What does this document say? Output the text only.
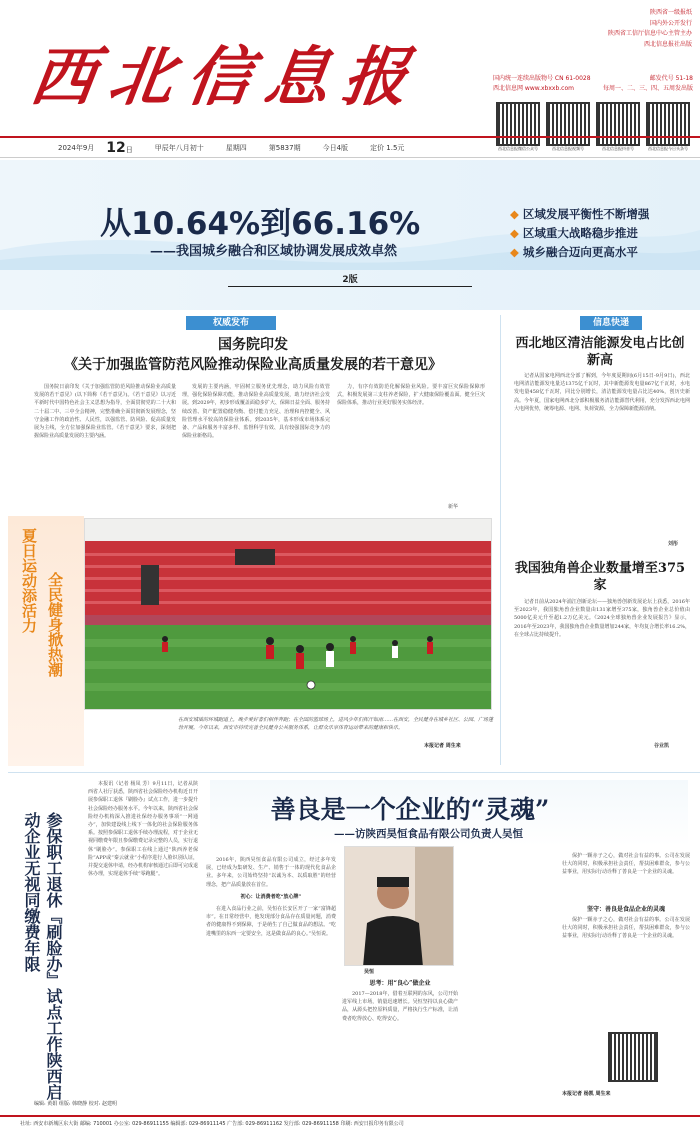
西北信息报
陕西省一级报纸
国内外公开发行
陕西省工信厅信息中心主管主办
西北信息报社出版
国内统一连续出版物号 CN 61-0028	邮发代号 51-18
西北信息网 www.xbxxb.com	每周一、二、三、四、五周发出版
西北信息报微信公众号	西北信息报视频号	西北信息报抖音号	西北信息报今日头条号
2024年9月 12日	甲辰年八月初十	星期四	第5837期	今日4版	定价 1.5元
从10.64%到66.16%
——我国城乡融合和区域协调发展成效卓然
◆ 区域发展平衡性不断增强
◆ 区域重大战略稳步推进
◆ 城乡融合迈向更高水平
2版
权威发布
国务院印发
《关于加强监管防范风险推动保险业高质量发展的若干意见》

国务院日前印发《关于加强监管防范风险推动保险业高质量发展的若干意见》(以下简称《若干意见》)。《若干意见》以习近平新时代中国特色社会主义思想为指导，全面贯彻党的二十大和二十届二中、三中全会精神，完整准确全面贯彻新发展理念，坚守金融工作的政治性、人民性，以强监管、防风险、促高质量发展为主线，全方位加强保险业监管。《若干意见》要求，深刻把握保险业高质量发展的主要内涵。

发展的主要内涵，牢固树立服务优先理念，助力风险有效管理，强化保险保障功能，推动保险业高质量发展，助力经济社会发展。到2029年，初步形成覆盖面稳步扩大、保障日益全面、服务持续改善、资产配置稳健均衡、偿付能力充足、治理和内控健全、风险管理水平较高的保险业体系。到2035年，基本形成市场体系完备、产品和服务丰富多样、监督科学有效、具有较强国际竞争力的保险业新格局。

力，有序有效防范化解保险业风险。要丰富巨灾保险保障形式，积极发展第三支柱养老保险，扩大健康保险覆盖面。健全巨灾保险体系，推动行业更好服务实体经济。

新华
信息快递
西北地区清洁能源发电占比创新高

记者从国家电网西北分部了解到，今年度夏期间(6月15日-9月9日)，西北电网清洁能源发电量达1375亿千瓦时，其中新能源发电量867亿千瓦时，水电发电量458亿千瓦时，同比分别增长，清洁能源发电量占比达40%，创历史新高。今年夏，国家电网西北分部积极服务清洁能源替代利用，充分发挥西北电网大电网优势，统筹电源、电网、负荷资源，全力保障新能源消纳。

刘彤
我国独角兽企业数量增至375家

记者日前从2024年浦江创新论坛——独角兽创新发展论坛上获悉，2016年至2023年，我国独角兽企业数量由131家增至375家，独角兽企业总价值由5000亿美元升至超1.2万亿美元。《2024全球独角兽企业发展报告》显示，2016年至2023年，我国独角兽企业数量增加244家，年均复合增长率16.2%，在全球占比持续提升。

谷业凯
夏日运动添活力 全民健身掀热潮
在西安城墙的环城跑道上，晚步爱好者们相伴奔跑；在全国的篮球场上，进风少年们挥汗如雨……在西安，全民健身在城乡社区、公园、广场蓬勃开展。今年以来，西安市持续完善全民健身公共服务体系，让群众乐享体育运动带来的健康和快乐。
本报记者 周生来
参保职工退休『刷脸办』试点工作陕西启动企业无视同缴费年限

本报讯（记者 杨凤 芳）9月11日，记者从陕西省人社厅获悉，陕西省社会保险经办机构近日开展参保职工退休『刷脸办』试点工作，进一步提升社会保险经办服务水平。今年以来，陕西省社会保险经办机构深入推进社保经办服务事项“一网通办”，加快建设线上线下一体化的社会保险服务体系。按照参保职工退休手续办理流程，对于企业无视同缴费年限且参保缴费记录完整的人员，实行退休“刷脸办”。参保职工在线上通过“陕西养老保险”APP或“秦云就业”小程序进行人脸识别认证，并提交退休申请，经办机构审核通过后即可完成退休办理，实现退休手续“零跑腿”。

编辑: 黄娟 组版: 韩晓静 校对: 赵建明
善良是一个企业的“灵魂”
——访陕西昊恒食品有限公司负责人吴恒

2016年，陕西昊恒食品有限公司成立，经过多年发展，已经成为集研发、生产、销售于一体的现代化食品企业。多年来，公司始终坚持“以诚为本、以质取胜”的经营理念，把产品质量放在首位。

初心：让消费者吃“放心牌”

在进入食品行业之前，吴恒在长安区开了一家“富锋超市”。在日常经营中，他发现部分食品存在质量问题，消费者的健康得不到保障，于是萌生了自己做食品的想法。“吃进嘴里的东西一定要安全，这是做食品的良心。”吴恒说。

吴恒
思考：用“良心”做企业

2017—2018年，借着互联网的东风，公司开始进军线上市场，销量迅速增长。吴恒坚持以良心做产品，从源头把控原料质量，严格执行生产标准，让消费者吃得放心、吃得安心。

保护一颗赤子之心，做对社会有益的事。公司在发展壮大的同时，积极承担社会责任，帮扶困难群众，参与公益事业，用实际行动诠释了善良是一个企业的灵魂。

坚守：善良是食品企业的灵魂

保护一颗赤子之心，做对社会有益的事。公司在发展壮大的同时，积极承担社会责任，帮扶困难群众，参与公益事业，用实际行动诠释了善良是一个企业的灵魂。

本报记者 杨凯 周生来
社址: 西安市新城区东大街 邮编: 710001 办公室: 029-86911155 编辑部: 029-86911145 广告部: 029-86911162 发行部: 029-86911158 印刷: 西安日报印务有限公司
